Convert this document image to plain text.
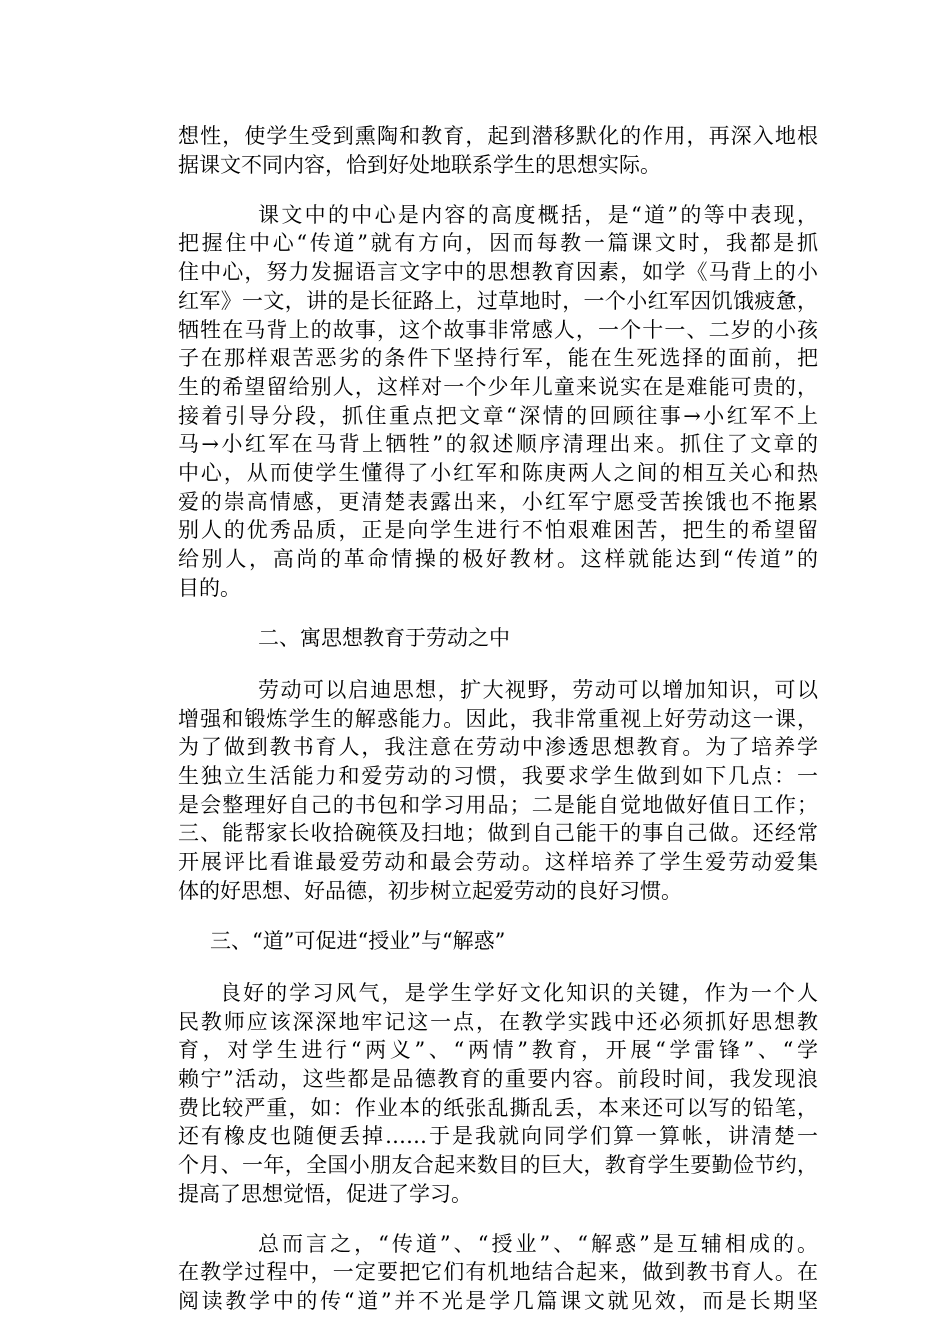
想性，使学生受到熏陶和教育，起到潜移默化的作用，再深入地根
据课文不同内容，恰到好处地联系学生的思想实际。
课文中的中心是内容的高度概括，是“道”的等中表现，
把握住中心“传道”就有方向，因而每教一篇课文时，我都是抓
住中心，努力发掘语言文字中的思想教育因素，如学《马背上的小
红军》一文，讲的是长征路上，过草地时，一个小红军因饥饿疲惫，
牺牲在马背上的故事，这个故事非常感人，一个十一、二岁的小孩
子在那样艰苦恶劣的条件下坚持行军，能在生死选择的面前，把
生的希望留给别人，这样对一个少年儿童来说实在是难能可贵的，
接着引导分段，抓住重点把文章“深情的回顾往事→小红军不上
马→小红军在马背上牺牲”的叙述顺序清理出来。抓住了文章的
中心，从而使学生懂得了小红军和陈庚两人之间的相互关心和热
爱的崇高情感，更清楚表露出来，小红军宁愿受苦挨饿也不拖累
别人的优秀品质，正是向学生进行不怕艰难困苦，把生的希望留
给别人，高尚的革命情操的极好教材。这样就能达到“传道”的
目的。
二、寓思想教育于劳动之中
劳动可以启迪思想，扩大视野，劳动可以增加知识，可以
增强和锻炼学生的解惑能力。因此，我非常重视上好劳动这一课，
为了做到教书育人，我注意在劳动中渗透思想教育。为了培养学
生独立生活能力和爱劳动的习惯，我要求学生做到如下几点：一
是会整理好自己的书包和学习用品；二是能自觉地做好值日工作；
三、能帮家长收拾碗筷及扫地；做到自己能干的事自己做。还经常
开展评比看谁最爱劳动和最会劳动。这样培养了学生爱劳动爱集
体的好思想、好品德，初步树立起爱劳动的良好习惯。
三、“道”可促进“授业”与“解惑”
良好的学习风气，是学生学好文化知识的关键，作为一个人
民教师应该深深地牢记这一点，在教学实践中还必须抓好思想教
育，对学生进行“两义”、“两情”教育，开展“学雷锋”、“学
赖宁”活动，这些都是品德教育的重要内容。前段时间，我发现浪
费比较严重，如：作业本的纸张乱撕乱丢，本来还可以写的铅笔，
还有橡皮也随便丢掉……于是我就向同学们算一算帐，讲清楚一
个月、一年，全国小朋友合起来数目的巨大，教育学生要勤俭节约，
提高了思想觉悟，促进了学习。
总而言之，“传道”、“授业”、“解惑”是互辅相成的。
在教学过程中，一定要把它们有机地结合起来，做到教书育人。在
阅读教学中的传“道”并不光是学几篇课文就见效，而是长期坚
